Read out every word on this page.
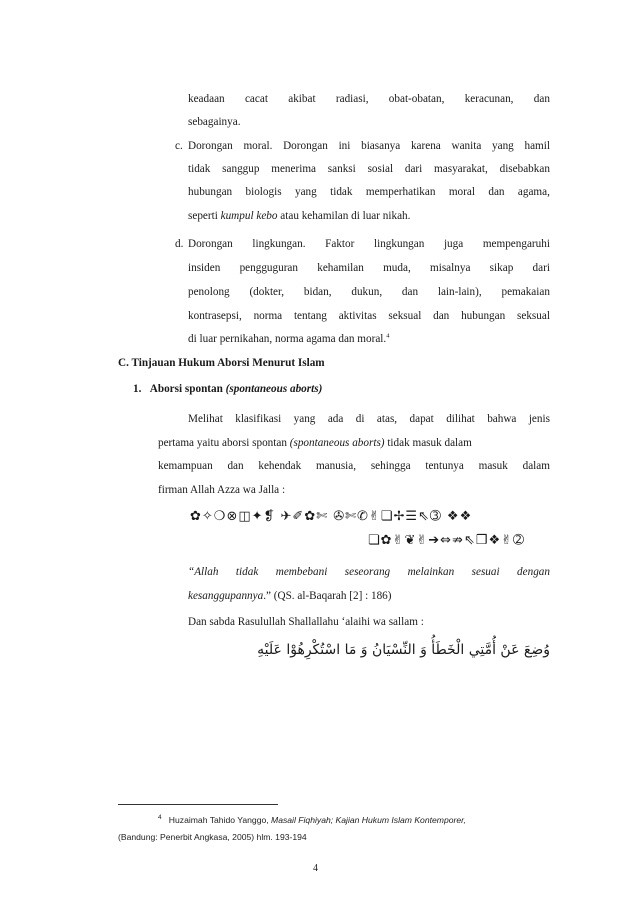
keadaan cacat akibat radiasi, obat-obatan, keracunan, dan
sebagainya.
c. Dorongan moral. Dorongan ini biasanya karena wanita yang hamil
tidak sanggup menerima sanksi sosial dari masyarakat, disebabkan
hubungan biologis yang tidak memperhatikan moral dan agama,
seperti kumpul kebo atau kehamilan di luar nikah.
d. Dorongan lingkungan. Faktor lingkungan juga mempengaruhi
insiden pengguguran kehamilan muda, misalnya sikap dari
penolong (dokter, bidan, dukun, dan lain-lain), pemakaian
kontrasepsi, norma tentang aktivitas seksual dan hubungan seksual
di luar pernikahan, norma agama dan moral.$^4$
C. Tinjauan Hukum Aborsi Menurut Islam
1. Aborsi spontan (spontaneous aborts)
Melihat klasifikasi yang ada di atas, dapat dilihat bahwa jenis
pertama yaitu aborsi spontan (spontaneous aborts) tidak masuk dalam
kemampuan dan kehendak manusia, sehingga tentunya masuk dalam
firman Allah Azza wa Jalla :
✿✧❍⊗◫✦❡ ✈✐✿✄ ✇✄✆✌❏✢☰⇖➂ ❖❖
❏✿✌❦✌➔⇔⇏⇖❒❖✌➁
“Allah tidak membebani seseorang melainkan sesuai dengan
kesanggupannya.” (QS. al-Baqarah [2] : 186)
Dan sabda Rasulullah Shallallahu ‘alaihi wa sallam :
وُضِعَ عَنْ أُمَّتِي الْخَطَأُ وَ النِّسْيَانُ وَ مَا اسْتُكْرِهُوْا عَلَيْهِ
$^4$ Huzaimah Tahido Yanggo, Masail Fiqhiyah; Kajian Hukum Islam Kontemporer,
(Bandung: Penerbit Angkasa, 2005) hlm. 193-194
4
